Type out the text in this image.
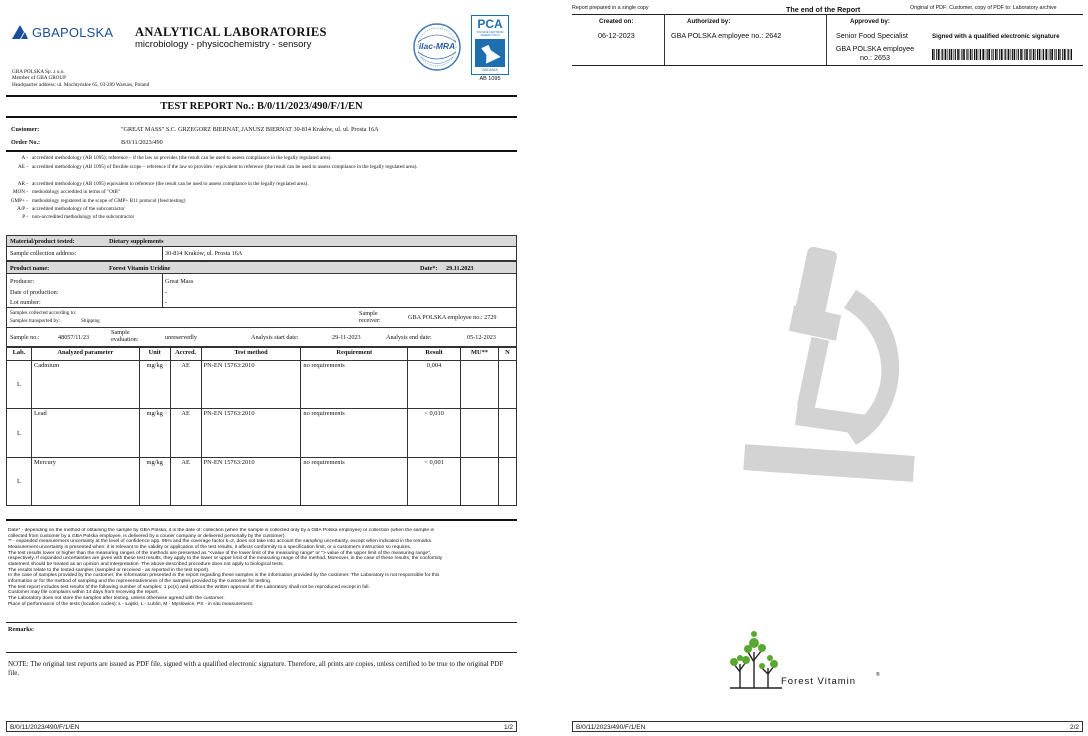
GBAPOLSKA ANALYTICAL LABORATORIES
microbiology - physicochemistry - sensory	ilac-MRA
PCA
POLSKIE CENTRUM AKREDYTACJI
BADANIA
AB 1095
GBA POLSKA Sp. z o.o.
Member of GBA GROUP
Headquarter address: ul. Mochtyńskie 65, 03-289 Warsaw, Poland
TEST REPORT No.: B/0/11/2023/490/F/1/EN
Customer:	"GREAT MASS" S.C. GRZEGORZ BIERNAT, JANUSZ BIERNAT 30-814 Kraków, ul. ul. Prosta 16A
Order No.:	B/0/11/2023/490
A - accredited methodology (AB 1095); reference – if the law so provides (the result can be used to assess compliance in the legally regulated area).
AE - accredited methodology (AB 1095) of flexible scope – reference if the law so provides / equivalent to reference (the result can be used to assess compliance in the legally regulated area).
AR - accredited methodology (AB 1095) equivalent to reference (the result can be used to assess compliance in the legally regulated area).
MON - methodology accredited in terms of "OtB"
GMP+ - methodology registered in the scope of GMP+ B11 protocol (feed testing)
A/P - accredited methodology of the subcontractor
P - non-accredited methodology of the subcontractor
Material/product tested:	Dietary supplements
Sample collection address:	30-814 Kraków, ul. Prosta 16A
Product name:	Forest Vitamin Uridine	Date*: 29.11.2023
Producer:	Great Mass
Date of production:	-
Lot number:	-
Samples collected according to:
Samples transported by:	Shipping
Sample receiver:	GBA POLSKA employee no.: 2729
Sample no.:	48057/11/23
Sample evaluation:	unreservedly	Analysis start date:	29-11-2023	Analysis end date:	05-12-2023
Lab.	Analyzed parameter	Unit	Accred.	Test method	Requirement	Result	MU**	N
L	Cadmium	mg/kg	AE	PN-EN 15763:2010	no requirements	0,004		
L	Lead	mg/kg	AE	PN-EN 15763:2010	no requirements	< 0,010		
L	Mercury	mg/kg	AE	PN-EN 15763:2010	no requirements	< 0,001		
Date* - depending on the method of obtaining the sample by GBA Polska, it is the date of: collection (when the sample is collected only by a GBA Polska employee) or collection (when the sample is
collected from customer by a GBA Polska employee, is delivered by a courier company or delivered personally by the customer).
** - expanded measurement uncertainty at the level of confidence app. 95% and the coverage factor k=2, does not take into account the sampling uncertainty, except when indicated in the remarks.
Measurement uncertainty is presented when: it is relevant to the validity or application of the test results, it affects conformity to a specification limit, or a customer's instruction so requires.
The test results lower or higher than the measuring ranges of the methods are presented as "<value of the lower limit of the measuring range" or "> value of the upper limit of the measuring range",
respectively. If expanded uncertainties are given with these test results, they apply to the lower or upper limit of the measuring range of the method. Moreover, in the case of these results, the conformity
statement should be treated as an opinion and interpretation. The above-described procedure does not apply to biological tests.
The results relate to the tested samples (sampled or received - as reported in the test report).
In the case of samples provided by the customer, the information presented in the report regarding these samples is the information provided by the customer. The Laboratory is not responsible for this
information or for the method of sampling and the representativeness of the samples provided by the customer for testing.
The test report includes test results of the following number of samples: 1 pc(s) and without the written approval of the Laboratory shall not be reproduced except in full.
Customer may file complains within 14 days from receiving the report.
The Laboratory does not store the samples after testing, unless otherwise agreed with the customer.
Place of performance of the tests (location codes): Ł - Łajski, L - Lublin, M - Mysłowice, PS - in situ measurement.
Remarks:
NOTE: The original test reports are issued as PDF file, signed with a qualified electronic signature. Therefore, all prints are copies, unless certified to be true to the original PDF file.
B/0/11/2023/490/F/1/EN	1/2
Report prepared in a single copy	The end of the Report	Original of PDF: Customer, copy of PDF to: Laboratory archive
Created on:
06-12-2023
Authorized by:
GBA POLSKA employee no.: 2642
Approved by:
Senior Food Specialist
GBA POLSKA employee no.: 2653
Signed with a qualified electronic signature
Forest Vitamin
®
B/0/11/2023/490/F/1/EN	2/2
